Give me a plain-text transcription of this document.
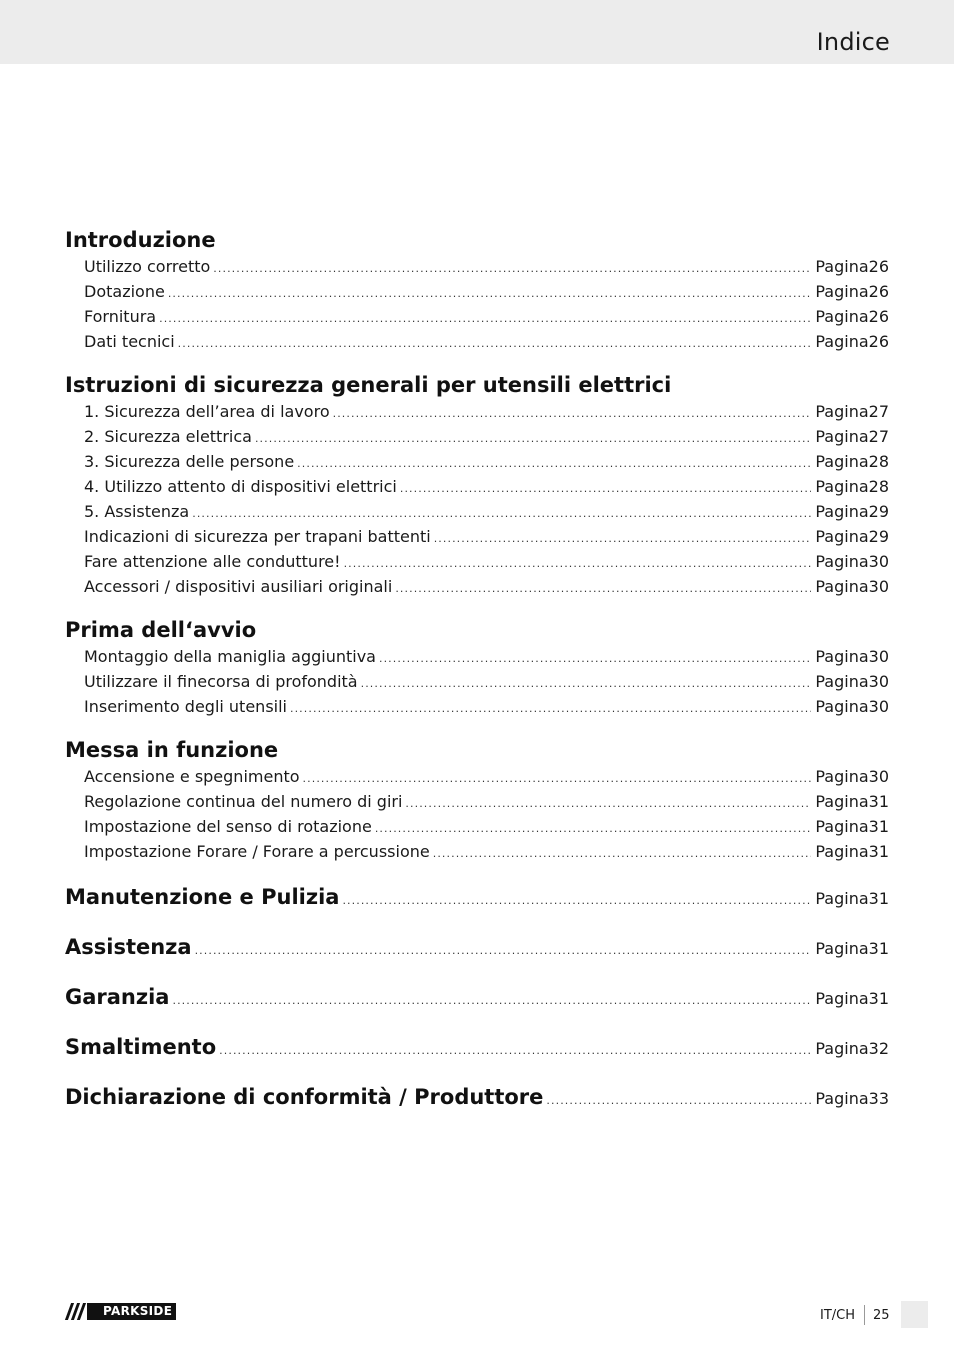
Indice
Introduzione
Utilizzo corretto .....	Pagina 26
Dotazione .....	Pagina 26
Fornitura .....	Pagina 26
Dati tecnici .....	Pagina 26
Istruzioni di sicurezza generali per utensili elettrici
1. Sicurezza dell’area di lavoro .....	Pagina 27
2. Sicurezza elettrica .....	Pagina 27
3. Sicurezza delle persone .....	Pagina 28
4. Utilizzo attento di dispositivi elettrici .....	Pagina 28
5. Assistenza .....	Pagina 29
Indicazioni di sicurezza per trapani battenti .....	Pagina 29
Fare attenzione alle condutture! .....	Pagina 30
Accessori / dispositivi ausiliari originali .....	Pagina 30
Prima dell‘avvio
Montaggio della maniglia aggiuntiva .....	Pagina 30
Utilizzare il finecorsa di profondità .....	Pagina 30
Inserimento degli utensili .....	Pagina 30
Messa in funzione
Accensione e spegnimento .....	Pagina 30
Regolazione continua del numero di giri .....	Pagina 31
Impostazione del senso di rotazione .....	Pagina 31
Impostazione Forare / Forare a percussione .....	Pagina 31
Manutenzione e Pulizia .....	Pagina 31
Assistenza .....	Pagina 31
Garanzia .....	Pagina 31
Smaltimento .....	Pagina 32
Dichiarazione di conformità / Produttore .....	Pagina 33
PARKSIDE	IT/CH 25
